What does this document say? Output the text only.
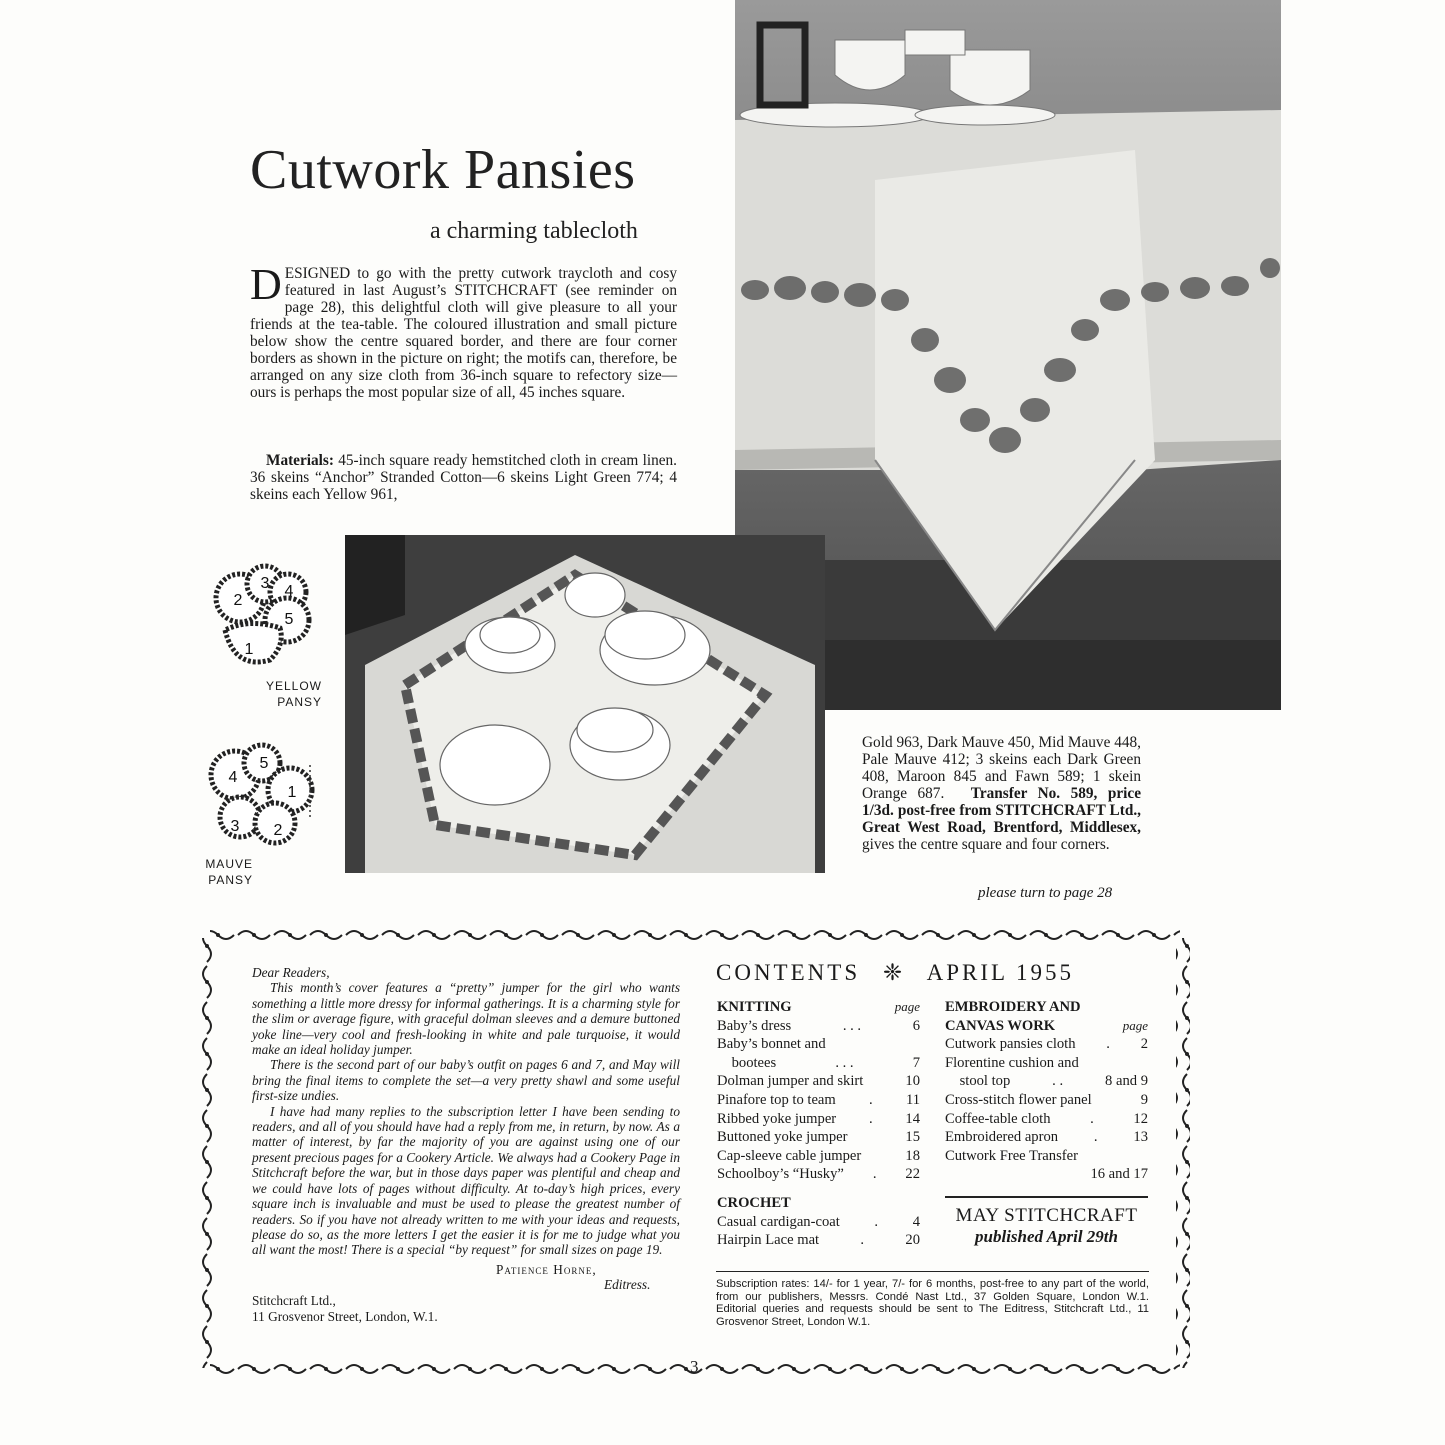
Cutwork Pansies
a charming tablecloth
DESIGNED to go with the pretty cutwork traycloth and cosy featured in last August’s STITCHCRAFT (see reminder on page 28), this delightful cloth will give pleasure to all your friends at the tea-table. The coloured illustration and small picture below show the centre squared border, and there are four corner borders as shown in the picture on right; the motifs can, therefore, be arranged on any size cloth from 36-inch square to refectory size—ours is perhaps the most popular size of all, 45 inches square.
Materials: 45-inch square ready hemstitched cloth in cream linen. 36 skeins “Anchor” Stranded Cotton—6 skeins Light Green 774; 4 skeins each Yellow 961,
3 4
2
5
1
YELLOW
PANSY
4
5
1
3 2
MAUVE
PANSY
Gold 963, Dark Mauve 450, Mid Mauve 448, Pale Mauve 412; 3 skeins each Dark Green 408, Maroon 845 and Fawn 589; 1 skein Orange 687. Transfer No. 589, price 1/3d. post-free from STITCHCRAFT Ltd., Great West Road, Brentford, Middlesex, gives the centre square and four corners.
please turn to page 28
Dear Readers,

This month’s cover features a “pretty” jumper for the girl who wants something a little more dressy for informal gatherings. It is a charming style for the slim or average figure, with graceful dolman sleeves and a demure buttoned yoke line—very cool and fresh-looking in white and pale turquoise, it would make an ideal holiday jumper.

There is the second part of our baby’s outfit on pages 6 and 7, and May will bring the final items to complete the set—a very pretty shawl and some useful first-size undies.

I have had many replies to the subscription letter I have been sending to readers, and all of you should have had a reply from me, in return, by now. As a matter of interest, by far the majority of you are against using one of our present precious pages for a Cookery Article. We always had a Cookery Page in Stitchcraft before the war, but in those days paper was plentiful and cheap and we could have lots of pages without difficulty. At to-day’s high prices, every square inch is invaluable and must be used to please the greatest number of readers. So if you have not already written to me with your ideas and requests, please do so, as the more letters I get the easier it is for me to judge what you all want the most! There is a special “by request” for small sizes on page 19.

Patience Horne,
Editress.
Stitchcraft Ltd.,
11 Grosvenor Street, London, W.1.
CONTENTS ❈ APRIL 1955
KNITTING	page
Baby’s dress	. . .	6
Baby’s bonnet and
bootees	. . .	7
Dolman jumper and skirt	10
Pinafore top to team	.	11
Ribbed yoke jumper	.	14
Buttoned yoke jumper	15
Cap-sleeve cable jumper	18
Schoolboy’s “Husky”	.	22
CROCHET
Casual cardigan-coat	.	4
Hairpin Lace mat	.	20
EMBROIDERY AND
CANVAS WORK	page
Cutwork pansies cloth	.	2
Florentine cushion and
stool top	. .	8 and 9
Cross-stitch flower panel	9
Coffee-table cloth	.	12
Embroidered apron	.	13
Cutwork Free Transfer
16 and 17
MAY STITCHCRAFT
published April 29th
Subscription rates: 14/- for 1 year, 7/- for 6 months, post-free to any part of the world, from our publishers, Messrs. Condé Nast Ltd., 37 Golden Square, London W.1. Editorial queries and requests should be sent to The Editress, Stitchcraft Ltd., 11 Grosvenor Street, London W.1.
3
